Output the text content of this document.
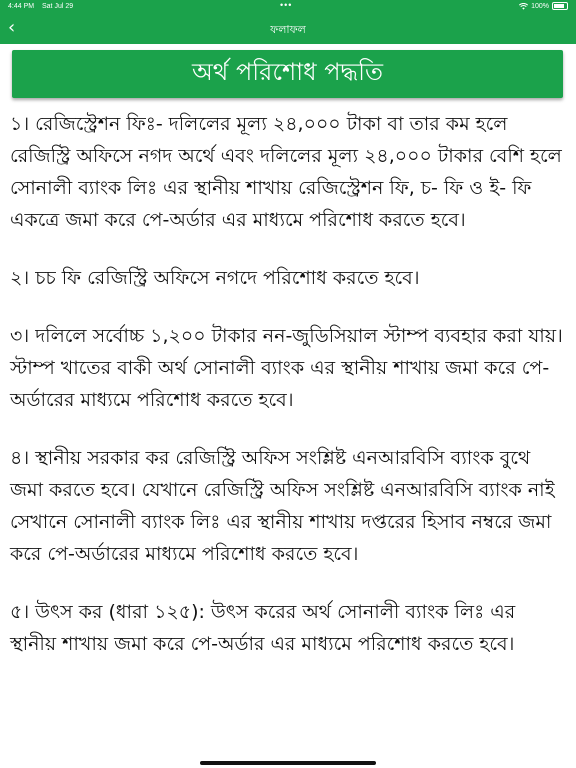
4:44 PM Sat Jul 29	•••	100%
‹	ফলাফল
অর্থ পরিশোধ পদ্ধতি

১। রেজিস্ট্রেশন ফিঃ- দলিলের মূল্য ২৪,০০০ টাকা বা তার কম হলে রেজিস্ট্রি অফিসে নগদ অর্থে এবং দলিলের মূল্য ২৪,০০০ টাকার বেশি হলে সোনালী ব্যাংক লিঃ এর স্থানীয় শাখায় রেজিস্ট্রেশন ফি, চ- ফি ও ই- ফি একত্রে জমা করে পে-অর্ডার এর মাধ্যমে পরিশোধ করতে হবে।

২। চচ ফি রেজিস্ট্রি অফিসে নগদে পরিশোধ করতে হবে।

৩। দলিলে সর্বোচ্চ ১,২০০ টাকার নন-জুডিসিয়াল স্টাম্প ব্যবহার করা যায়। স্টাম্প খাতের বাকী অর্থ সোনালী ব্যাংক এর স্থানীয় শাখায় জমা করে পে-অর্ডারের মাধ্যমে পরিশোধ করতে হবে।

৪। স্থানীয় সরকার কর রেজিস্ট্রি অফিস সংশ্লিষ্ট এনআরবিসি ব্যাংক বুথে জমা করতে হবে। যেখানে রেজিস্ট্রি অফিস সংশ্লিষ্ট এনআরবিসি ব্যাংক নাই সেখানে সোনালী ব্যাংক লিঃ এর স্থানীয় শাখায় দপ্তরের হিসাব নম্বরে জমা করে পে-অর্ডারের মাধ্যমে পরিশোধ করতে হবে।

৫। উৎস কর (ধারা ১২৫): উৎস করের অর্থ সোনালী ব্যাংক লিঃ এর স্থানীয় শাখায় জমা করে পে-অর্ডার এর মাধ্যমে পরিশোধ করতে হবে।
